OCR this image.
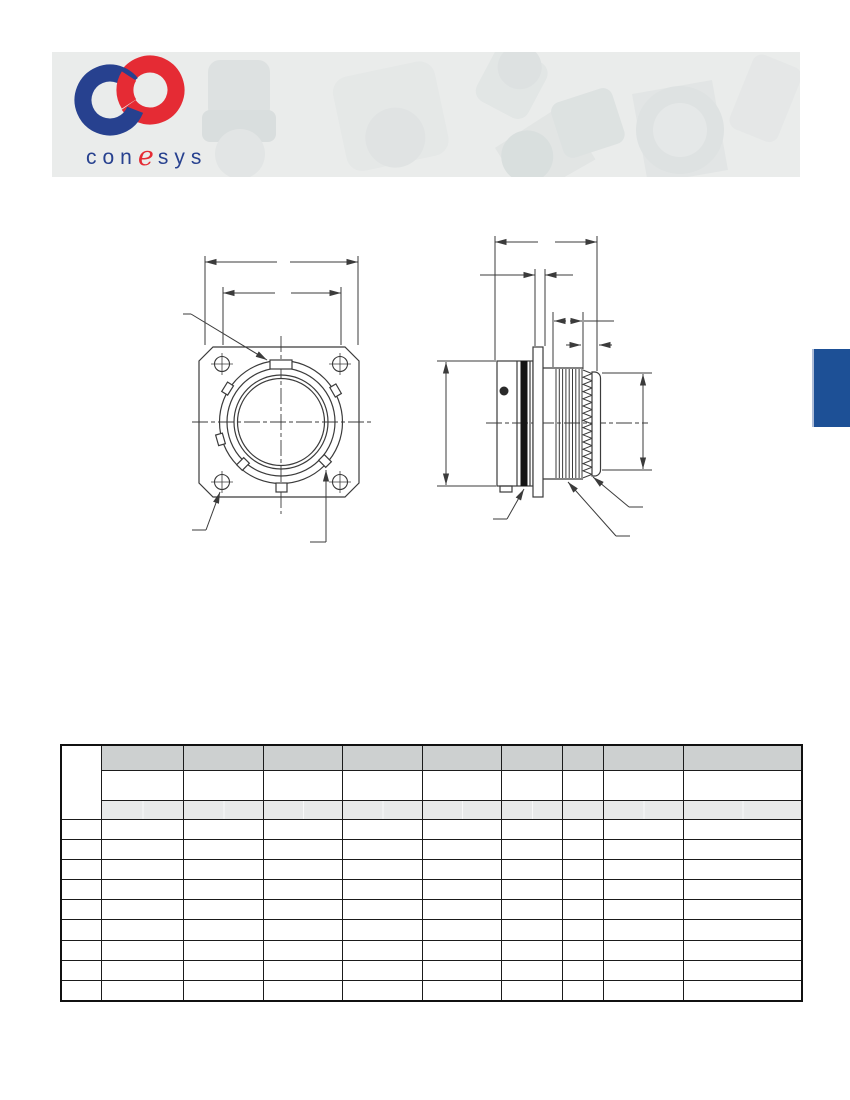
conesys
